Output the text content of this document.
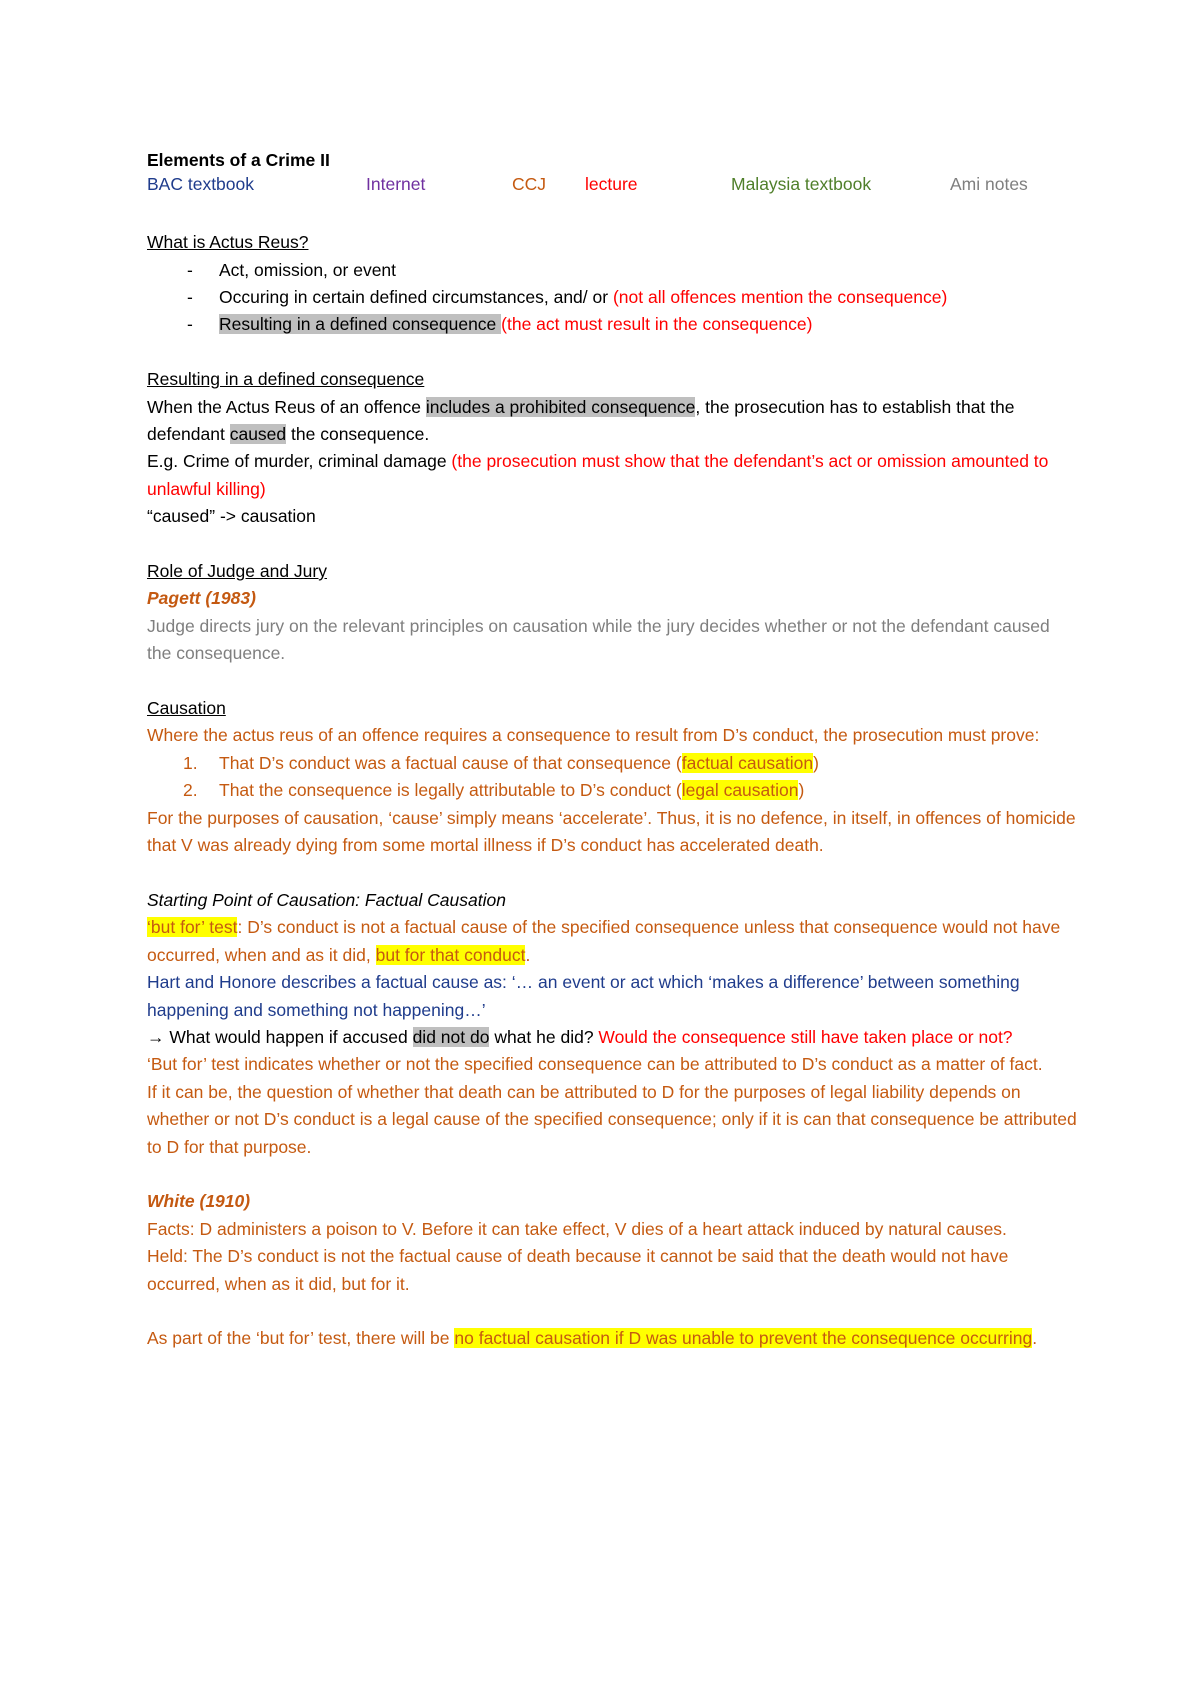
Elements of a Crime II

BAC textbook	Internet	CCJ lecture	Malaysia textbook	Ami notes

What is Actus Reus?

- Act, omission, or event
- Occuring in certain defined circumstances, and/ or (not all offences mention the consequence)
- Resulting in a defined consequence (the act must result in the consequence)

Resulting in a defined consequence

When the Actus Reus of an offence includes a prohibited consequence, the prosecution has to establish that the defendant caused the consequence.

E.g. Crime of murder, criminal damage (the prosecution must show that the defendant’s act or omission amounted to unlawful killing)

“caused” -> causation

Role of Judge and Jury

Pagett (1983)

Judge directs jury on the relevant principles on causation while the jury decides whether or not the defendant caused the consequence.

Causation

Where the actus reus of an offence requires a consequence to result from D’s conduct, the prosecution must prove:

1. That D’s conduct was a factual cause of that consequence (factual causation)
2. That the consequence is legally attributable to D’s conduct (legal causation)

For the purposes of causation, ‘cause’ simply means ‘accelerate’. Thus, it is no defence, in itself, in offences of homicide that V was already dying from some mortal illness if D’s conduct has accelerated death.

Starting Point of Causation: Factual Causation

‘but for’ test: D’s conduct is not a factual cause of the specified consequence unless that consequence would not have occurred, when and as it did, but for that conduct.

Hart and Honore describes a factual cause as: ‘… an event or act which ‘makes a difference’ between something happening and something not happening…’

→ What would happen if accused did not do what he did? Would the consequence still have taken place or not?

‘But for’ test indicates whether or not the specified consequence can be attributed to D’s conduct as a matter of fact.

If it can be, the question of whether that death can be attributed to D for the purposes of legal liability depends on whether or not D’s conduct is a legal cause of the specified consequence; only if it is can that consequence be attributed to D for that purpose.

White (1910)

Facts: D administers a poison to V. Before it can take effect, V dies of a heart attack induced by natural causes.

Held: The D’s conduct is not the factual cause of death because it cannot be said that the death would not have occurred, when as it did, but for it.

As part of the ‘but for’ test, there will be no factual causation if D was unable to prevent the consequence occurring.
